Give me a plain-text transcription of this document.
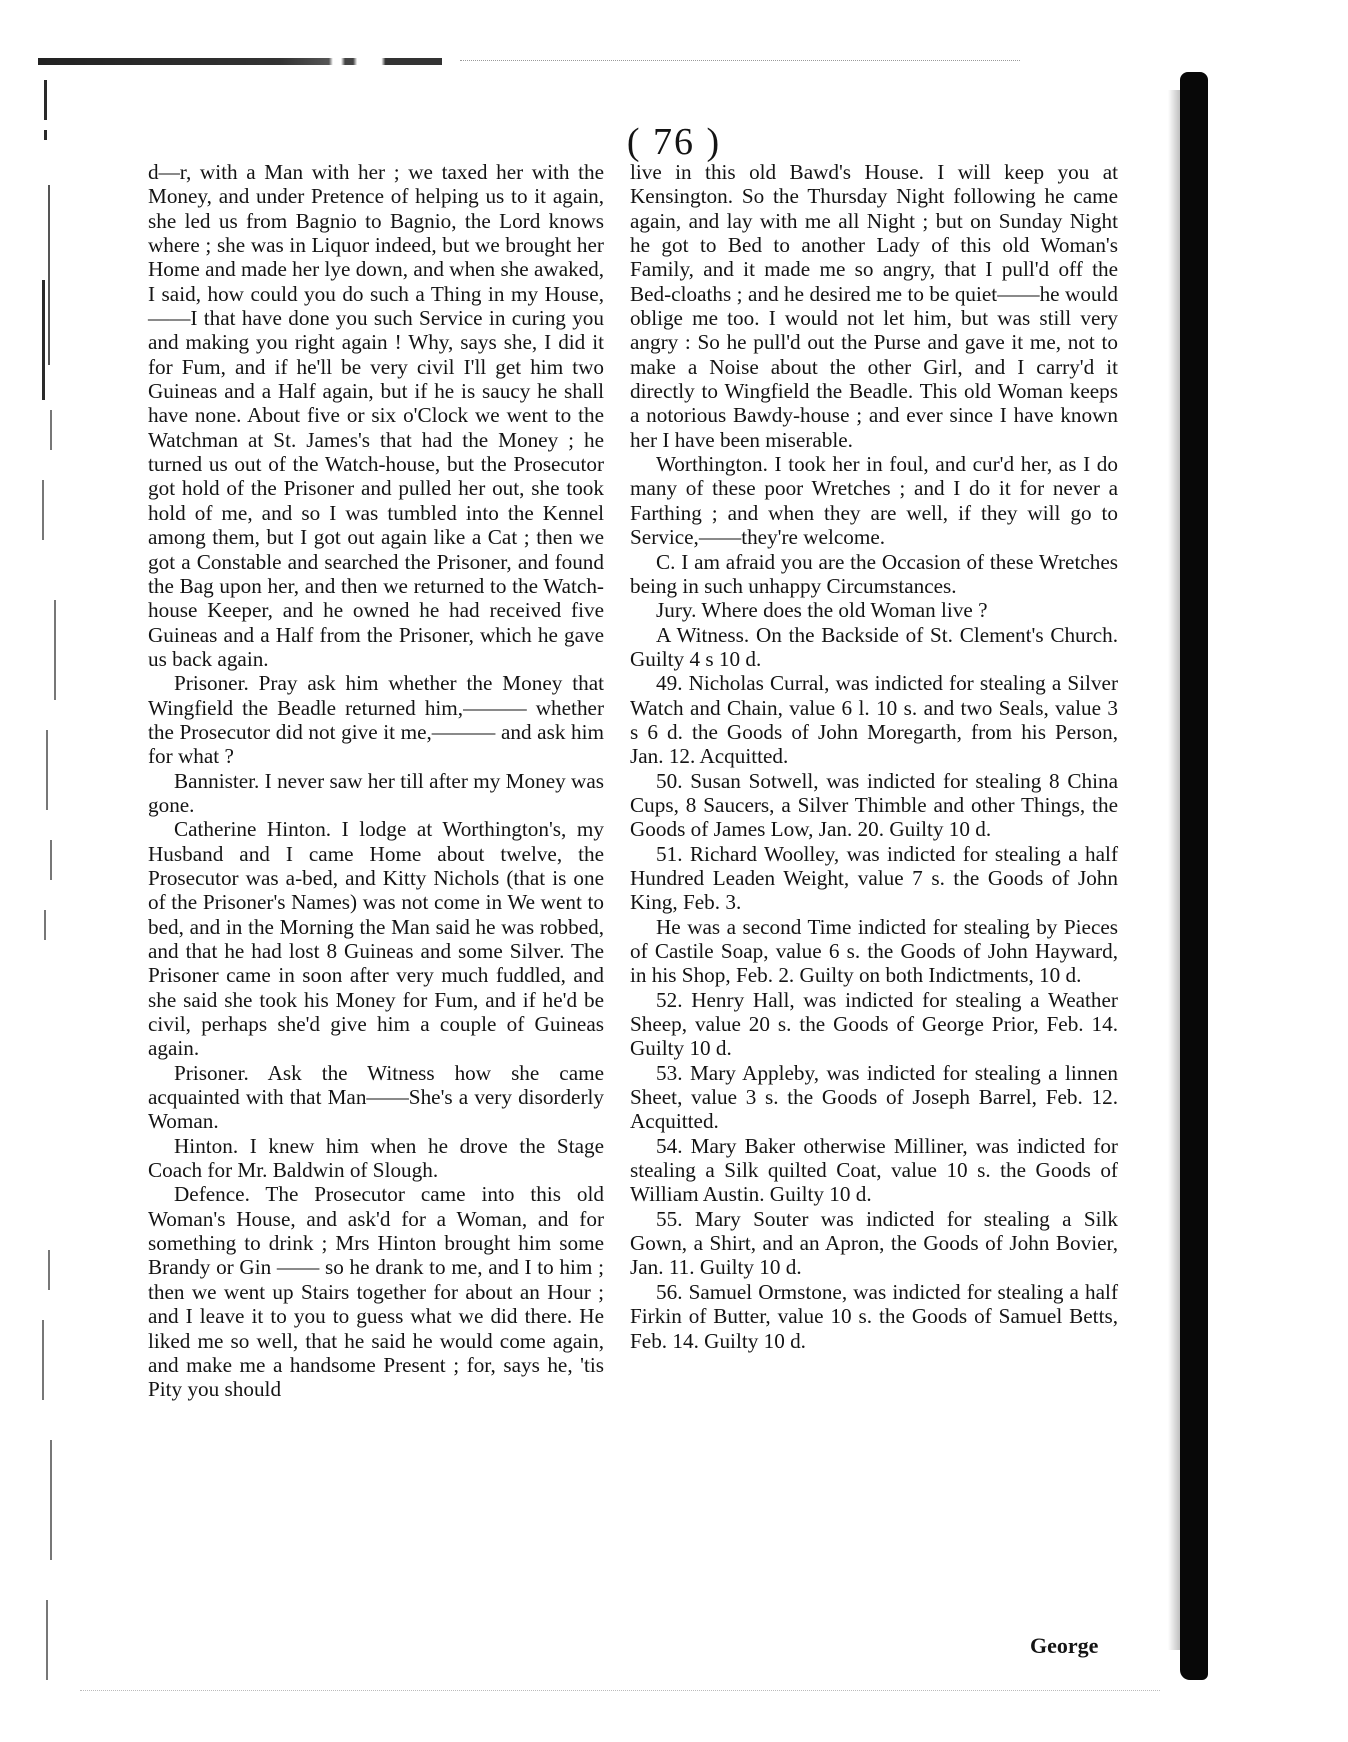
( 76 )

d—r, with a Man with her ; we taxed her with the Money, and under Pretence of helping us to it again, she led us from Bagnio to Bagnio, the Lord knows where ; she was in Liquor indeed, but we brought her Home and made her lye down, and when she awaked, I said, how could you do such a Thing in my House,——I that have done you such Service in curing you and making you right again ! Why, says she, I did it for Fum, and if he'll be very civil I'll get him two Guineas and a Half again, but if he is saucy he shall have none. About five or six o'Clock we went to the Watchman at St. James's that had the Money ; he turned us out of the Watch-house, but the Prosecutor got hold of the Prisoner and pulled her out, she took hold of me, and so I was tumbled into the Kennel among them, but I got out again like a Cat ; then we got a Constable and searched the Prisoner, and found the Bag upon her, and then we returned to the Watch-house Keeper, and he owned he had received five Guineas and a Half from the Prisoner, which he gave us back again.

Prisoner. Pray ask him whether the Money that Wingfield the Beadle returned him,——— whether the Prosecutor did not give it me,——— and ask him for what ?

Bannister. I never saw her till after my Money was gone.

Catherine Hinton. I lodge at Worthington's, my Husband and I came Home about twelve, the Prosecutor was a-bed, and Kitty Nichols (that is one of the Prisoner's Names) was not come in We went to bed, and in the Morning the Man said he was robbed, and that he had lost 8 Guineas and some Silver. The Prisoner came in soon after very much fuddled, and she said she took his Money for Fum, and if he'd be civil, perhaps she'd give him a couple of Guineas again.

Prisoner. Ask the Witness how she came acquainted with that Man——She's a very disorderly Woman.

Hinton. I knew him when he drove the Stage Coach for Mr. Baldwin of Slough.

Defence. The Prosecutor came into this old Woman's House, and ask'd for a Woman, and for something to drink ; Mrs Hinton brought him some Brandy or Gin —— so he drank to me, and I to him ; then we went up Stairs together for about an Hour ; and I leave it to you to guess what we did there. He liked me so well, that he said he would come again, and make me a handsome Present ; for, says he, 'tis Pity you should

live in this old Bawd's House. I will keep you at Kensington. So the Thursday Night following he came again, and lay with me all Night ; but on Sunday Night he got to Bed to another Lady of this old Woman's Family, and it made me so angry, that I pull'd off the Bed-cloaths ; and he desired me to be quiet——he would oblige me too. I would not let him, but was still very angry : So he pull'd out the Purse and gave it me, not to make a Noise about the other Girl, and I carry'd it directly to Wingfield the Beadle. This old Woman keeps a notorious Bawdy-house ; and ever since I have known her I have been miserable.

Worthington. I took her in foul, and cur'd her, as I do many of these poor Wretches ; and I do it for never a Farthing ; and when they are well, if they will go to Service,——they're welcome.

C. I am afraid you are the Occasion of these Wretches being in such unhappy Circumstances.

Jury. Where does the old Woman live ?

A Witness. On the Backside of St. Clement's Church. Guilty 4 s 10 d.

49. Nicholas Curral, was indicted for stealing a Silver Watch and Chain, value 6 l. 10 s. and two Seals, value 3 s 6 d. the Goods of John Moregarth, from his Person, Jan. 12. Acquitted.

50. Susan Sotwell, was indicted for stealing 8 China Cups, 8 Saucers, a Silver Thimble and other Things, the Goods of James Low, Jan. 20. Guilty 10 d.

51. Richard Woolley, was indicted for stealing a half Hundred Leaden Weight, value 7 s. the Goods of John King, Feb. 3.

He was a second Time indicted for stealing by Pieces of Castile Soap, value 6 s. the Goods of John Hayward, in his Shop, Feb. 2. Guilty on both Indictments, 10 d.

52. Henry Hall, was indicted for stealing a Weather Sheep, value 20 s. the Goods of George Prior, Feb. 14. Guilty 10 d.

53. Mary Appleby, was indicted for stealing a linnen Sheet, value 3 s. the Goods of Joseph Barrel, Feb. 12. Acquitted.

54. Mary Baker otherwise Milliner, was indicted for stealing a Silk quilted Coat, value 10 s. the Goods of William Austin. Guilty 10 d.

55. Mary Souter was indicted for stealing a Silk Gown, a Shirt, and an Apron, the Goods of John Bovier, Jan. 11. Guilty 10 d.

56. Samuel Ormstone, was indicted for stealing a half Firkin of Butter, value 10 s. the Goods of Samuel Betts, Feb. 14. Guilty 10 d.

George
